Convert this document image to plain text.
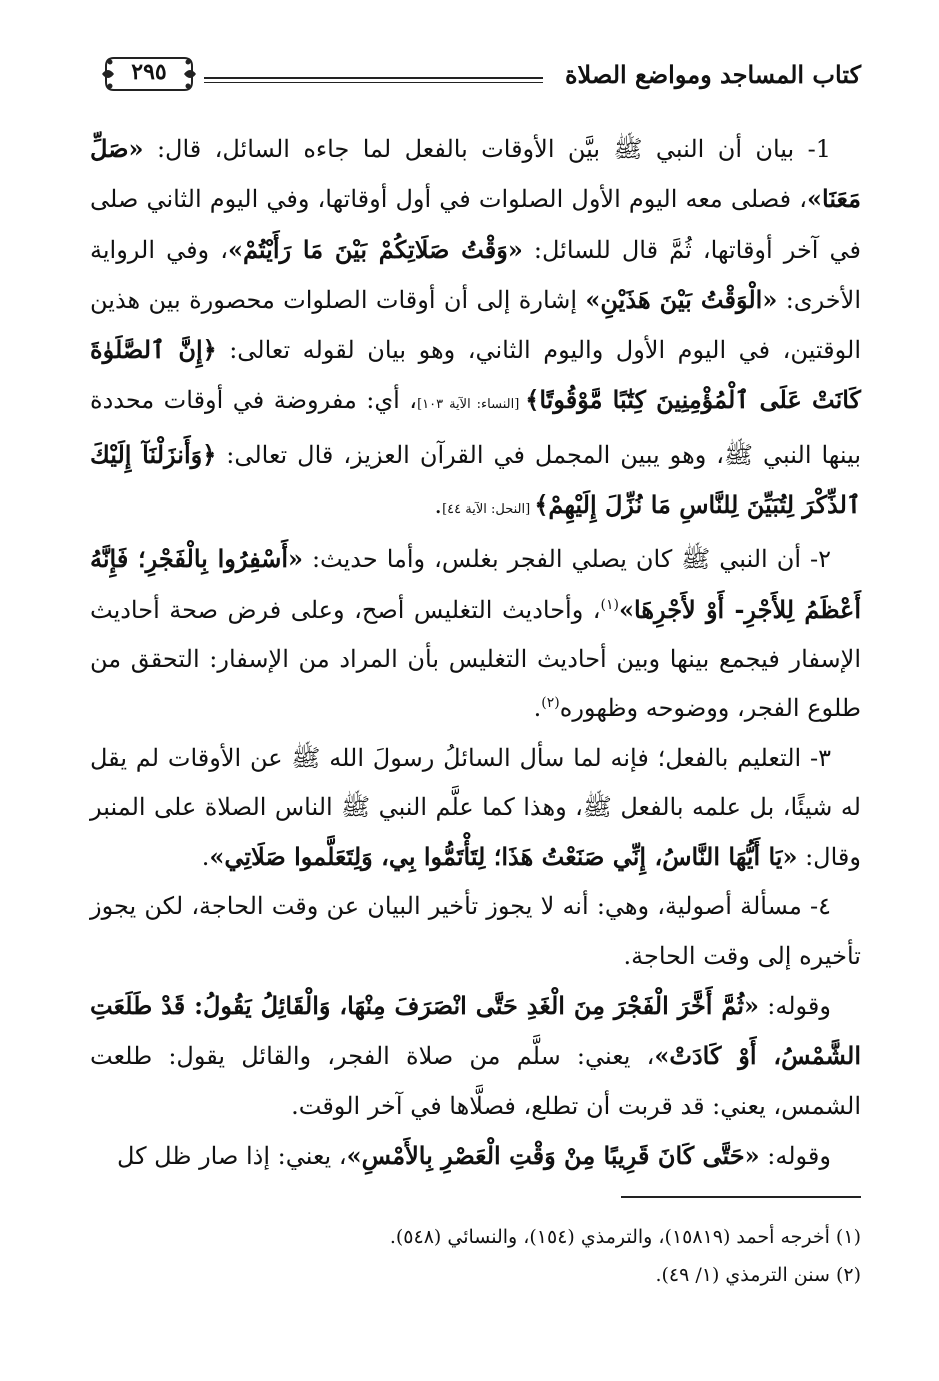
كتاب المساجد ومواضع الصلاة
٢٩٥

1- بيان أن النبي ﷺ بيَّن الأوقات بالفعل لما جاءه السائل، قال: «صَلِّ مَعَنَا»، فصلى معه اليوم الأول الصلوات في أول أوقاتها، وفي اليوم الثاني صلى في آخر أوقاتها، ثُمَّ قال للسائل: «وَقْتُ صَلَاتِكُمْ بَيْنَ مَا رَأَيْتُمْ»، وفي الرواية الأخرى: «الْوَقْتُ بَيْنَ هَذَيْنِ» إشارة إلى أن أوقات الصلوات محصورة بين هذين الوقتين، في اليوم الأول واليوم الثاني، وهو بيان لقوله تعالى: ﴿إِنَّ ٱلصَّلَوٰةَ كَانَتْ عَلَى ٱلْمُؤْمِنِينَ كِتَٰبًا مَّوْقُوتًا﴾ [النساء: الآية ١٠٣]، أي: مفروضة في أوقات محددة بينها النبي ﷺ، وهو يبين المجمل في القرآن العزيز، قال تعالى: ﴿وَأَنزَلْنَآ إِلَيْكَ ٱلذِّكْرَ لِتُبَيِّنَ لِلنَّاسِ مَا نُزِّلَ إِلَيْهِمْ﴾ [النحل: الآية ٤٤].

٢- أن النبي ﷺ كان يصلي الفجر بغلس، وأما حديث: «أَسْفِرُوا بِالْفَجْرِ؛ فَإِنَّهُ أَعْظَمُ لِلأَجْرِ- أَوْ لأَجْرِهَا»$^{(١)}$، وأحاديث التغليس أصح، وعلى فرض صحة أحاديث الإسفار فيجمع بينها وبين أحاديث التغليس بأن المراد من الإسفار: التحقق من طلوع الفجر، ووضوحه وظهوره$^{(٢)}$.

٣- التعليم بالفعل؛ فإنه لما سأل السائلُ رسولَ الله ﷺ عن الأوقات لم يقل له شيئًا، بل علمه بالفعل ﷺ، وهذا كما علَّم النبي ﷺ الناس الصلاة على المنبر وقال: «يَا أَيُّهَا النَّاسُ، إِنِّي صَنَعْتُ هَذَا؛ لِتَأْتَمُّوا بِي، وَلِتَعَلَّموا صَلَاتِي».

٤- مسألة أصولية، وهي: أنه لا يجوز تأخير البيان عن وقت الحاجة، لكن يجوز تأخيره إلى وقت الحاجة.

وقوله: «ثُمَّ أَخَّرَ الْفَجْرَ مِنَ الْغَدِ حَتَّى انْصَرَفَ مِنْهَا، وَالْقَائِلُ يَقُولُ: قَدْ طَلَعَتِ الشَّمْسُ، أَوْ كَادَتْ»، يعني: سلَّم من صلاة الفجر، والقائل يقول: طلعت الشمس، يعني: قد قربت أن تطلع، فصلَّاها في آخر الوقت.

وقوله: «حَتَّى كَانَ قَرِيبًا مِنْ وَقْتِ الْعَصْرِ بِالأَمْسِ»، يعني: إذا صار ظل كل

(١) أخرجه أحمد (١٥٨١٩)، والترمذي (١٥٤)، والنسائي (٥٤٨).
(٢) سنن الترمذي (١/ ٤٩).
